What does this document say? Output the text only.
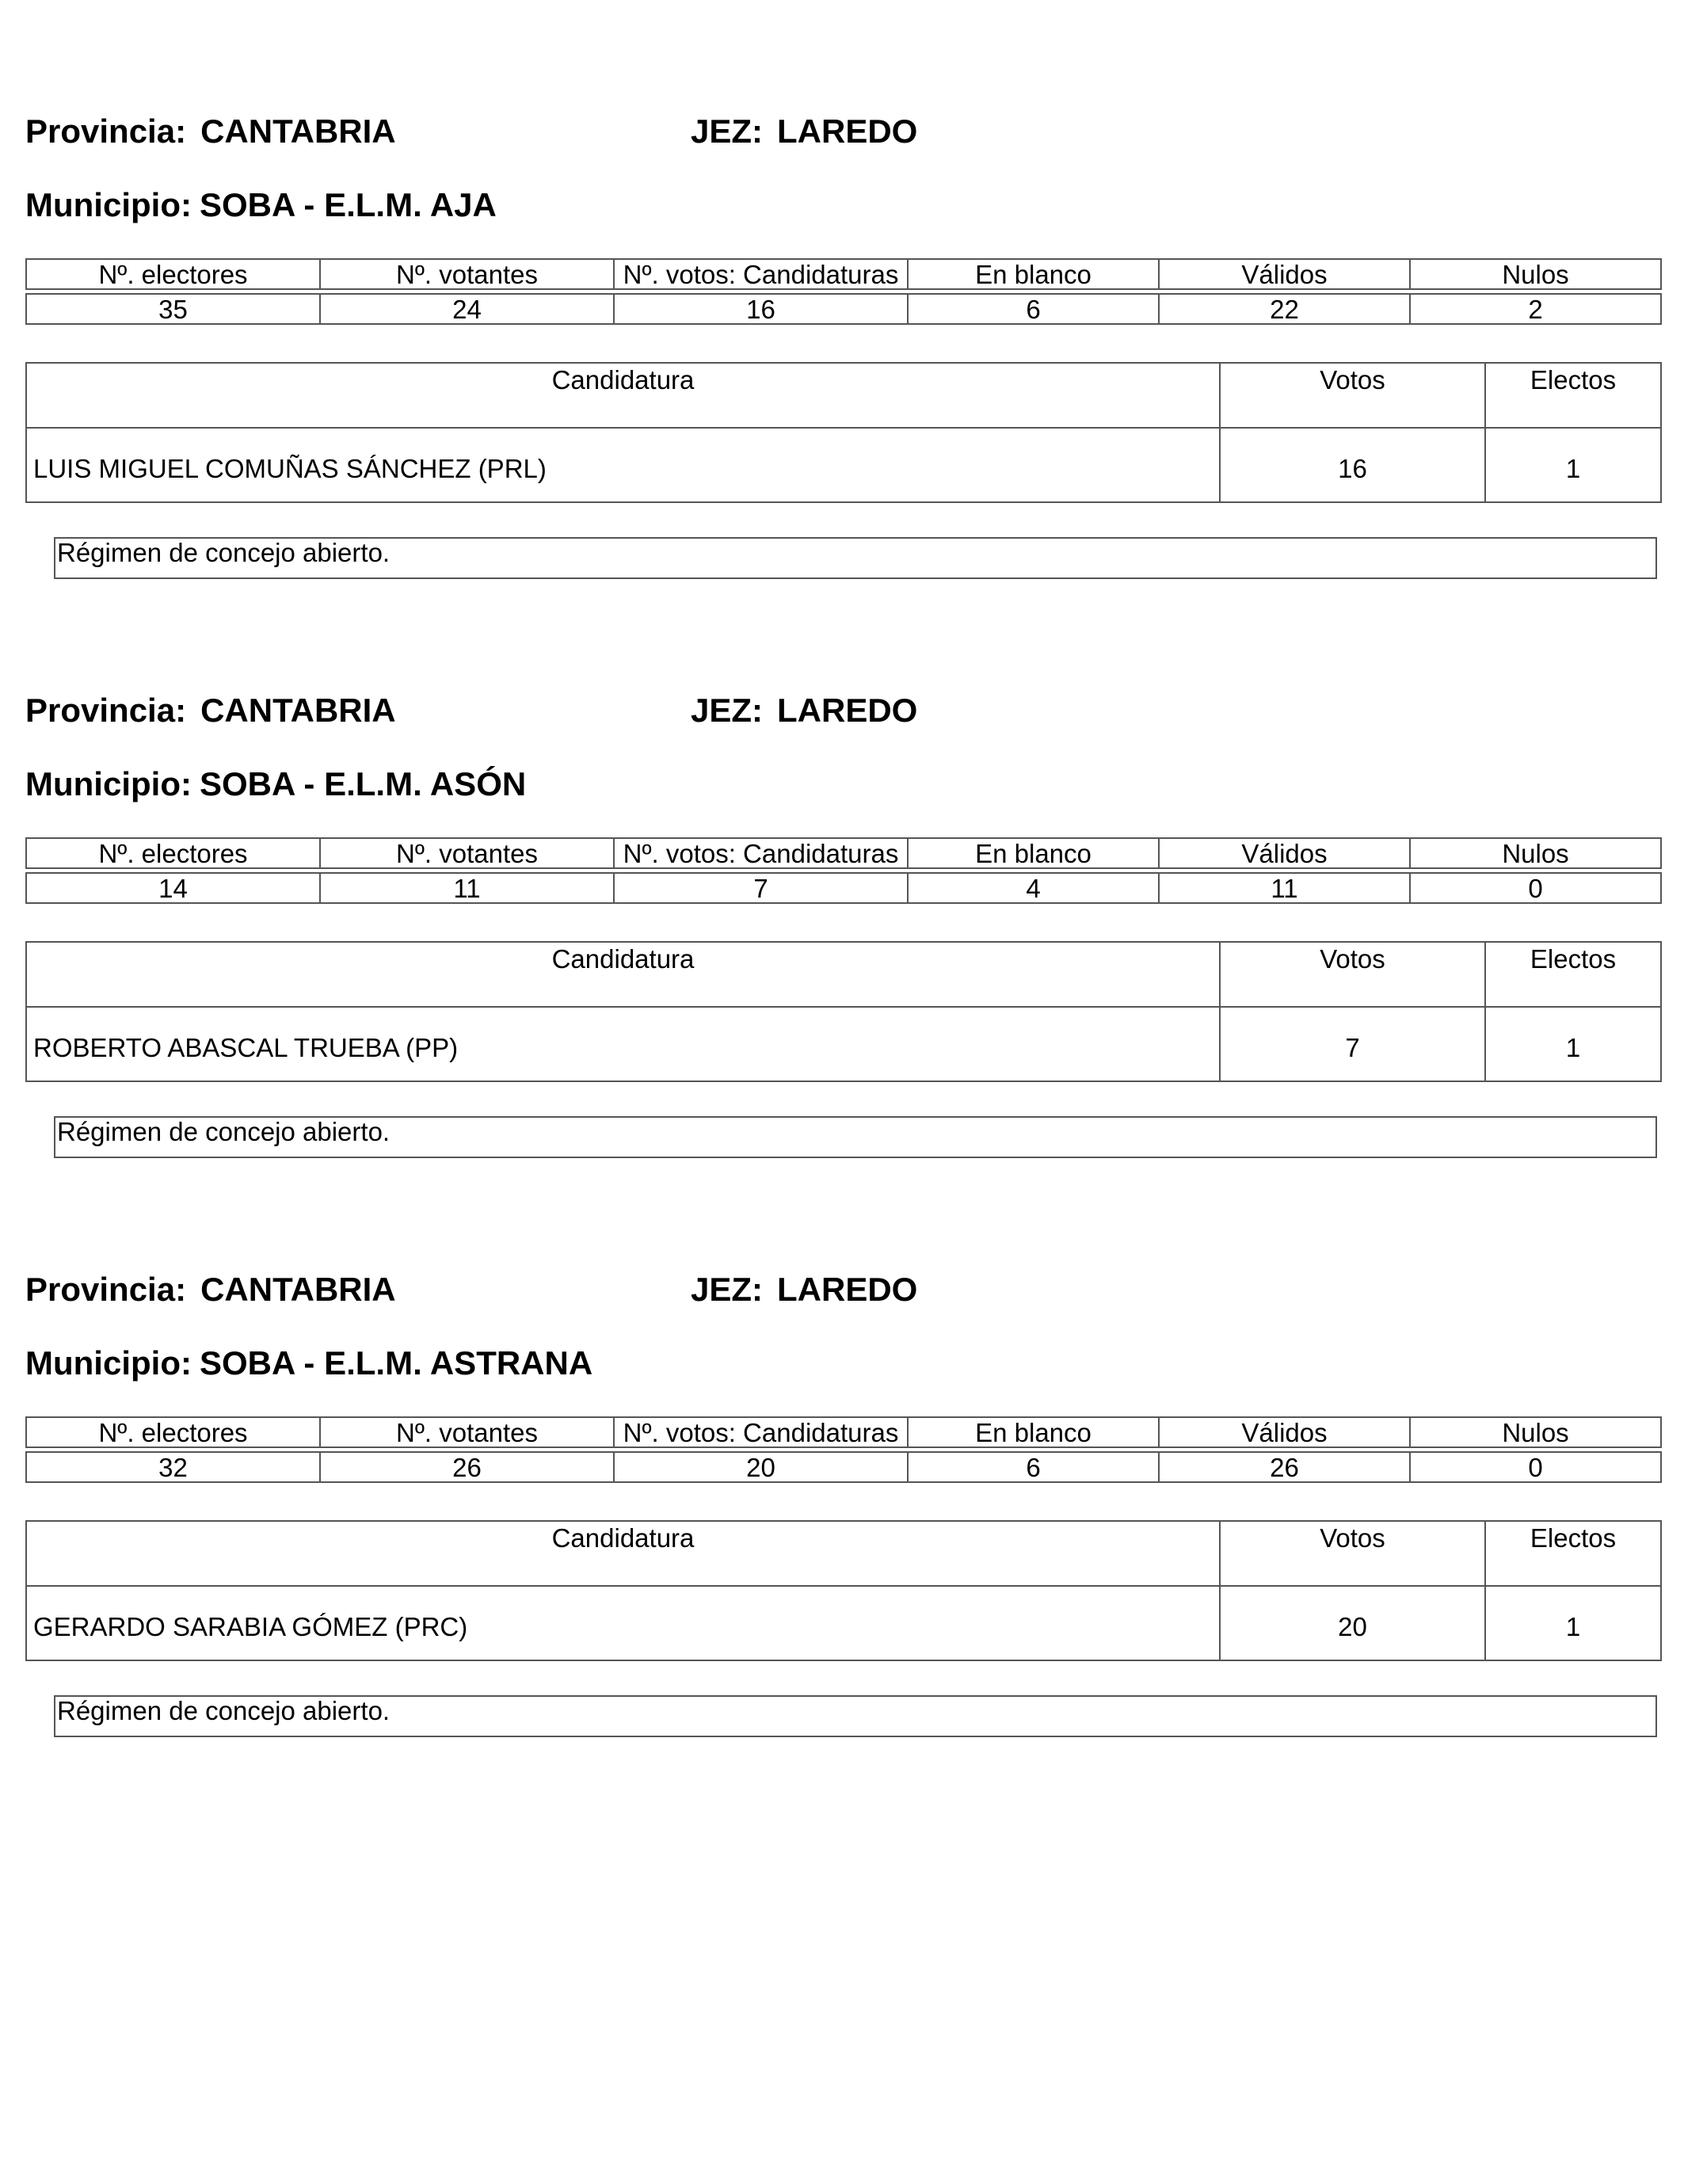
Provincia: CANTABRIA	JEZ: LAREDO
Municipio: SOBA - E.L.M. AJA
Nº. electores	Nº. votantes	Nº. votos: Candidaturas	En blanco	Válidos	Nulos

35	24	16	6	22	2
Candidatura	Votos	Electos
LUIS MIGUEL COMUÑAS SÁNCHEZ (PRL)	16	1
Régimen de concejo abierto.
Provincia: CANTABRIA	JEZ: LAREDO
Municipio: SOBA - E.L.M. ASÓN
Nº. electores	Nº. votantes	Nº. votos: Candidaturas	En blanco	Válidos	Nulos

14	11	7	4	11	0
Candidatura	Votos	Electos
ROBERTO ABASCAL TRUEBA (PP)	7	1
Régimen de concejo abierto.
Provincia: CANTABRIA	JEZ: LAREDO
Municipio: SOBA - E.L.M. ASTRANA
Nº. electores	Nº. votantes	Nº. votos: Candidaturas	En blanco	Válidos	Nulos

32	26	20	6	26	0
Candidatura	Votos	Electos
GERARDO SARABIA GÓMEZ (PRC)	20	1
Régimen de concejo abierto.
